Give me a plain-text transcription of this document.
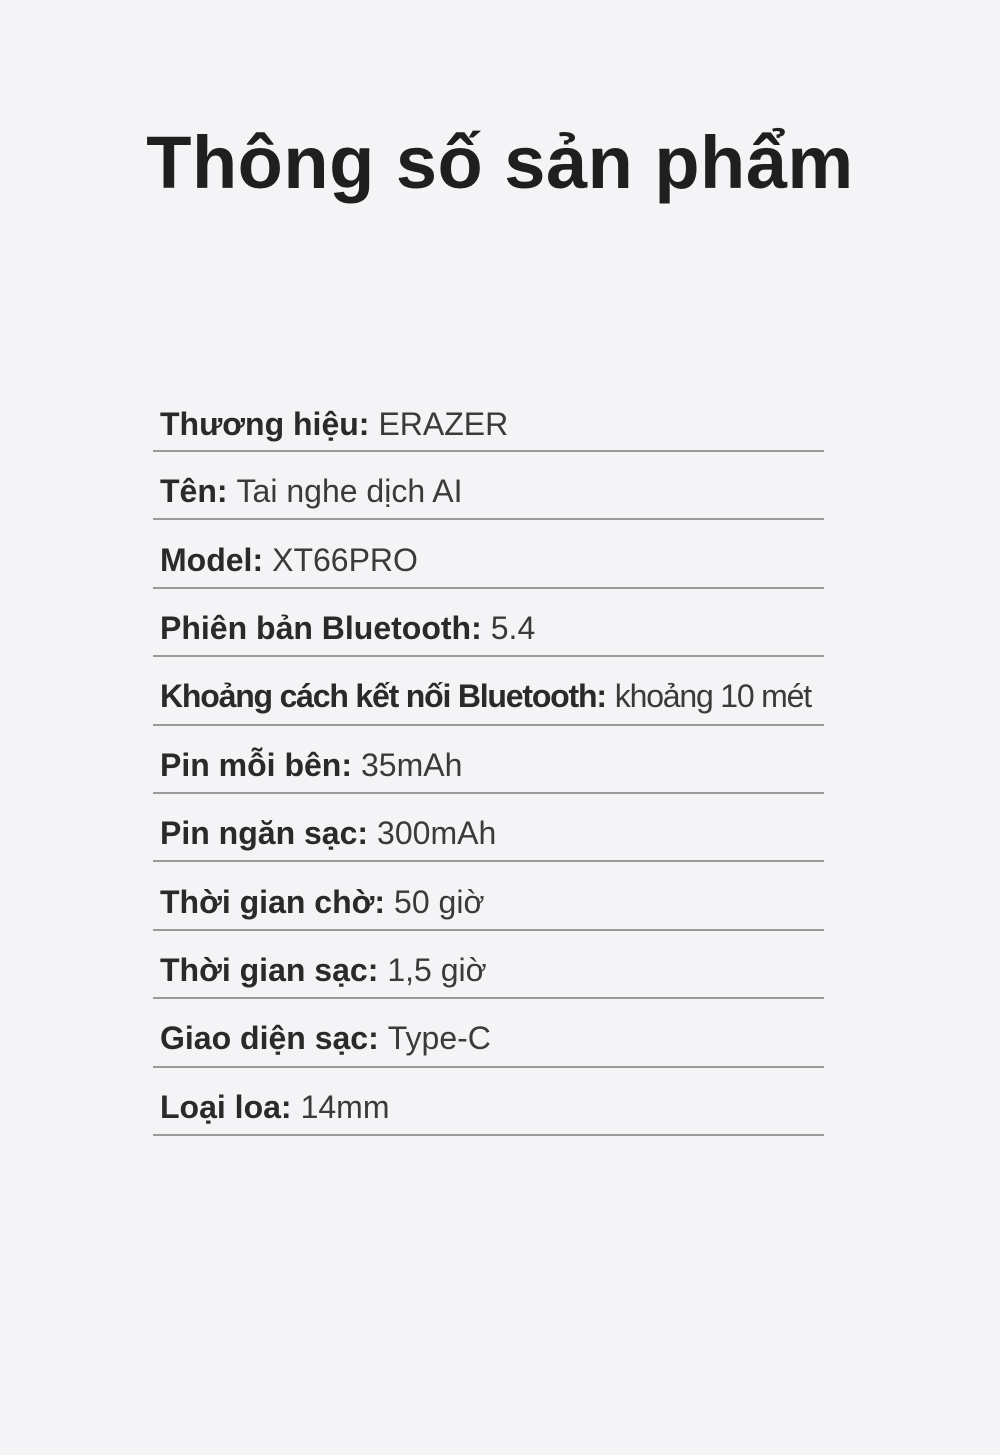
Thông số sản phẩm
Thương hiệu: ERAZER
Tên: Tai nghe dịch AI
Model: XT66PRO
Phiên bản Bluetooth: 5.4
Khoảng cách kết nối Bluetooth: khoảng 10 mét
Pin mỗi bên: 35mAh
Pin ngăn sạc: 300mAh
Thời gian chờ: 50 giờ
Thời gian sạc: 1,5 giờ
Giao diện sạc: Type-C
Loại loa: 14mm
